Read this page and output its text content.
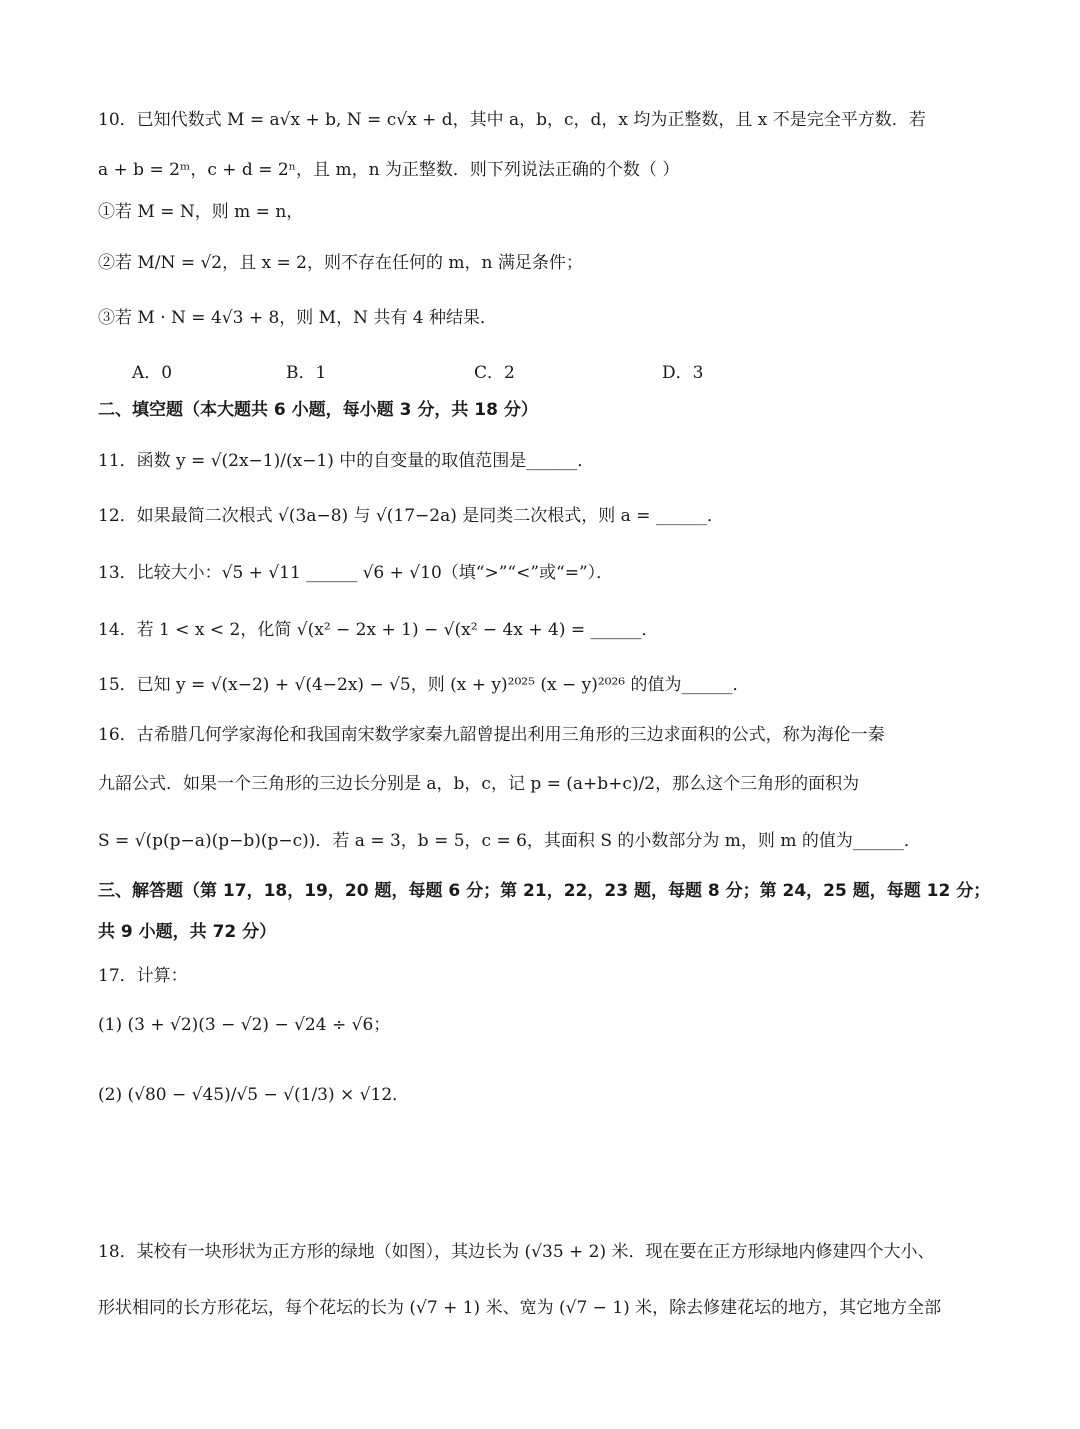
10．已知代数式 M = a√x + b, N = c√x + d，其中 a，b，c，d，x 均为正整数，且 x 不是完全平方数．若
a + b = 2ᵐ，c + d = 2ⁿ，且 m，n 为正整数．则下列说法正确的个数（ ）
①若 M = N，则 m = n，
②若 M/N = √2，且 x = 2，则不存在任何的 m，n 满足条件；
③若 M · N = 4√3 + 8，则 M，N 共有 4 种结果．
A．0	B．1	C．2	D．3
二、填空题（本大题共 6 小题，每小题 3 分，共 18 分）
11．函数 y = √(2x−1)/(x−1) 中的自变量的取值范围是______．
12．如果最简二次根式 √(3a−8) 与 √(17−2a) 是同类二次根式，则 a = ______．
13．比较大小：√5 + √11 ______ √6 + √10（填“>”“<”或“=”）．
14．若 1 < x < 2，化简 √(x² − 2x + 1) − √(x² − 4x + 4) = ______．
15．已知 y = √(x−2) + √(4−2x) − √5，则 (x + y)²⁰²⁵ (x − y)²⁰²⁶ 的值为______．
16．古希腊几何学家海伦和我国南宋数学家秦九韶曾提出利用三角形的三边求面积的公式，称为海伦一秦
九韶公式．如果一个三角形的三边长分别是 a，b，c，记 p = (a+b+c)/2，那么这个三角形的面积为
S = √(p(p−a)(p−b)(p−c))．若 a = 3，b = 5，c = 6，其面积 S 的小数部分为 m，则 m 的值为______．
三、解答题（第 17，18，19，20 题，每题 6 分；第 21，22，23 题，每题 8 分；第 24，25 题，每题 12 分；
共 9 小题，共 72 分）
17．计算：
(1) (3 + √2)(3 − √2) − √24 ÷ √6；
(2) (√80 − √45)/√5 − √(1/3) × √12．
18．某校有一块形状为正方形的绿地（如图），其边长为 (√35 + 2) 米．现在要在正方形绿地内修建四个大小、
形状相同的长方形花坛，每个花坛的长为 (√7 + 1) 米、宽为 (√7 − 1) 米，除去修建花坛的地方，其它地方全部
